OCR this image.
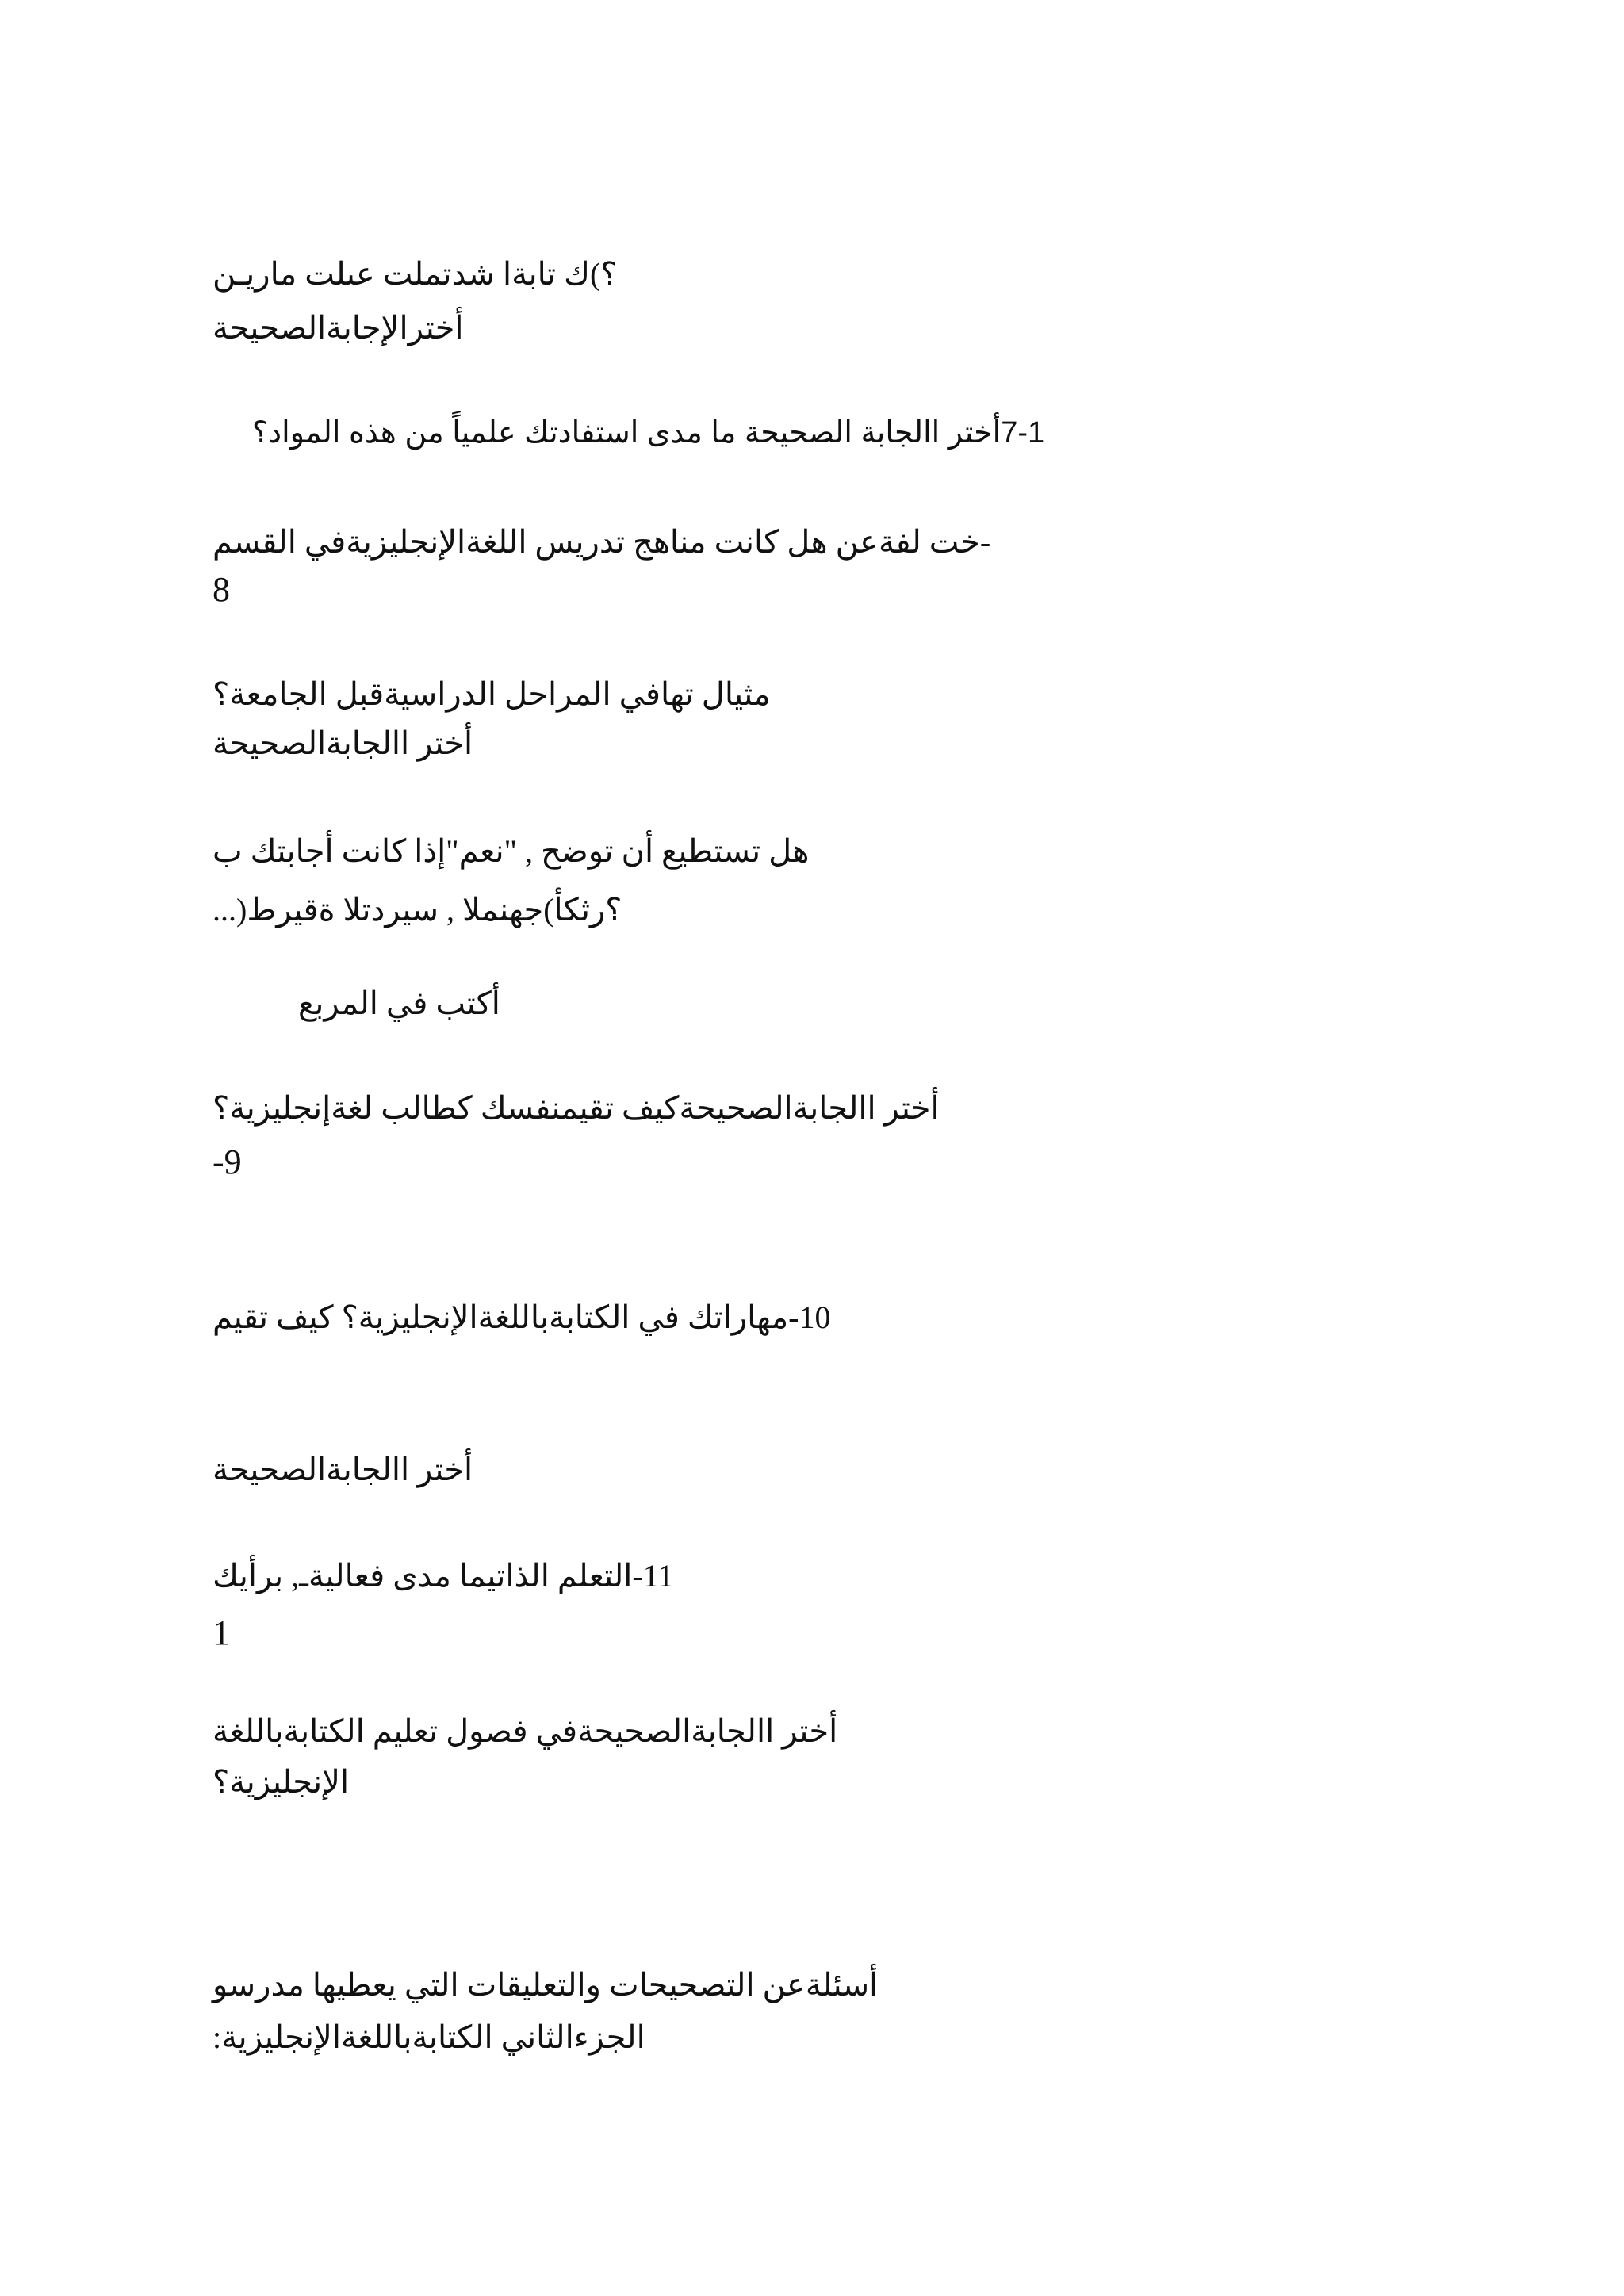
؟)ك تابةا شدتملت عىلت ماريـن
أخترالإجابةالصحيحة
7-1أختر االجابة الصحيحة ما مدى استفادتك علمياً من هذه المواد؟
-خت لفةعن هل كانت مناهج تدريس اللغةالإنجليزيةفي القسم
8
مثيال تهافي المراحل الدراسيةقبل الجامعة؟
أختر االجابةالصحيحة
هل تستطيع أن توضح , "نعم"إذا كانت أجابتك ب
؟رثكأ)جهنملا , سيردتلا ةقيرط(...
أكتب في المربع
أختر االجابةالصحيحةكيف تقيمنفسك كطالب لغةإنجليزية؟
-9
10-مهاراتك في الكتابةباللغةالإنجليزية؟ كيف تقيم
أختر االجابةالصحيحة
11-التعلم الذاتيما مدى فعاليةـ, برأيك
1
أختر االجابةالصحيحةفي فصول تعليم الكتابةباللغة
الإنجليزية؟
أسئلةعن التصحيحات والتعليقات التي يعطيها مدرسو
الجزءالثاني الكتابةباللغةالإنجليزية:
